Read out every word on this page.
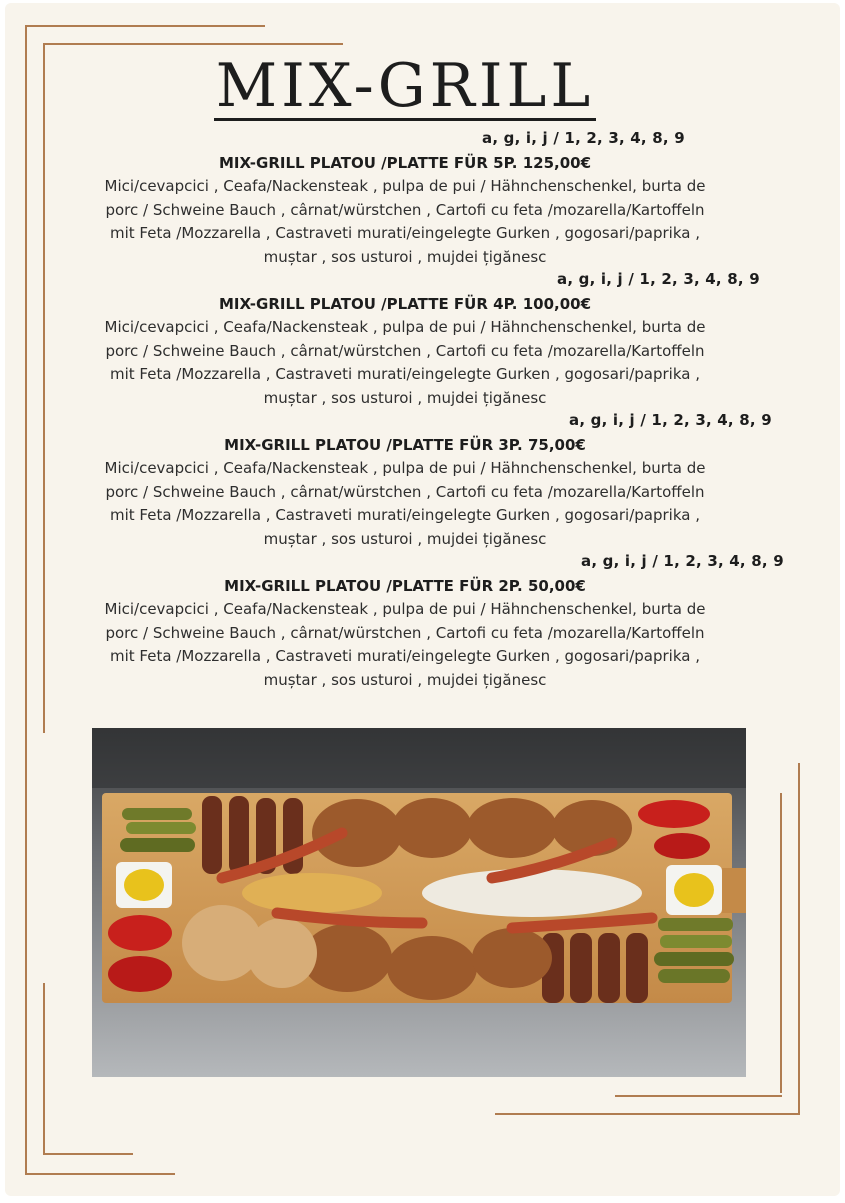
MIX-GRILL
a, g, i, j / 1, 2, 3, 4, 8, 9
MIX-GRILL PLATOU /PLATTE FÜR 5P. 125,00€
Mici/cevapcici , Ceafa/Nackensteak , pulpa de pui / Hähnchenschenkel, burta de
porc / Schweine Bauch , cârnat/würstchen , Cartofi cu feta /mozarella/Kartoffeln
mit Feta /Mozzarella , Castraveti murati/eingelegte Gurken , gogosari/paprika ,
muștar , sos usturoi , mujdei țigănesc
a, g, i, j / 1, 2, 3, 4, 8, 9
MIX-GRILL PLATOU /PLATTE FÜR 4P. 100,00€
Mici/cevapcici , Ceafa/Nackensteak , pulpa de pui / Hähnchenschenkel, burta de
porc / Schweine Bauch , cârnat/würstchen , Cartofi cu feta /mozarella/Kartoffeln
mit Feta /Mozzarella , Castraveti murati/eingelegte Gurken , gogosari/paprika ,
muștar , sos usturoi , mujdei țigănesc
a, g, i, j / 1, 2, 3, 4, 8, 9
MIX-GRILL PLATOU /PLATTE FÜR 3P. 75,00€
Mici/cevapcici , Ceafa/Nackensteak , pulpa de pui / Hähnchenschenkel, burta de
porc / Schweine Bauch , cârnat/würstchen , Cartofi cu feta /mozarella/Kartoffeln
mit Feta /Mozzarella , Castraveti murati/eingelegte Gurken , gogosari/paprika ,
muștar , sos usturoi , mujdei țigănesc
a, g, i, j / 1, 2, 3, 4, 8, 9
MIX-GRILL PLATOU /PLATTE FÜR 2P. 50,00€
Mici/cevapcici , Ceafa/Nackensteak , pulpa de pui / Hähnchenschenkel, burta de
porc / Schweine Bauch , cârnat/würstchen , Cartofi cu feta /mozarella/Kartoffeln
mit Feta /Mozzarella , Castraveti murati/eingelegte Gurken , gogosari/paprika ,
muștar , sos usturoi , mujdei țigănesc
